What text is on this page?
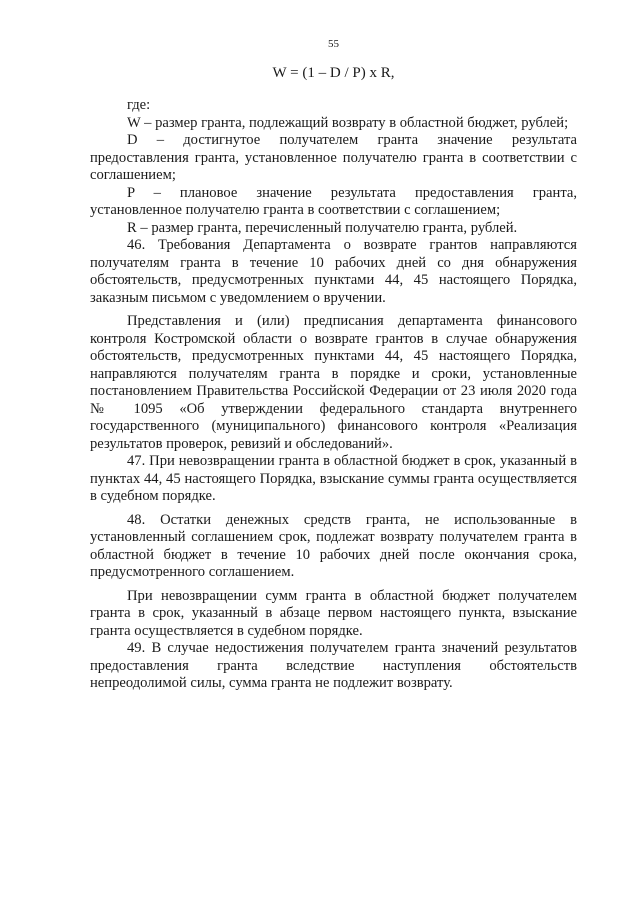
55
W = (1 – D / P) x R,

где:

W – размер гранта, подлежащий возврату в областной бюджет, рублей;

D – достигнутое получателем гранта значение результата предоставления гранта, установленное получателю гранта в соответствии с соглашением;

P – плановое значение результата предоставления гранта, установленное получателю гранта в соответствии с соглашением;

R – размер гранта, перечисленный получателю гранта, рублей.

46. Требования Департамента о возврате грантов направляются получателям гранта в течение 10 рабочих дней со дня обнаружения обстоятельств, предусмотренных пунктами 44, 45 настоящего Порядка, заказным письмом с уведомлением о вручении.

Представления и (или) предписания департамента финансового контроля Костромской области о возврате грантов в случае обнаружения обстоятельств, предусмотренных пунктами 44, 45 настоящего Порядка, направляются получателям гранта в порядке и сроки, установленные постановлением Правительства Российской Федерации от 23 июля 2020 года № 1095 «Об утверждении федерального стандарта внутреннего государственного (муниципального) финансового контроля «Реализация результатов проверок, ревизий и обследований».

47. При невозвращении гранта в областной бюджет в срок, указанный в пунктах 44, 45 настоящего Порядка, взыскание суммы гранта осуществляется в судебном порядке.

48. Остатки денежных средств гранта, не использованные в установленный соглашением срок, подлежат возврату получателем гранта в областной бюджет в течение 10 рабочих дней после окончания срока, предусмотренного соглашением.

При невозвращении сумм гранта в областной бюджет получателем гранта в срок, указанный в абзаце первом настоящего пункта, взыскание гранта осуществляется в судебном порядке.

49. В случае недостижения получателем гранта значений результатов предоставления гранта вследствие наступления обстоятельств непреодолимой силы, сумма гранта не подлежит возврату.
